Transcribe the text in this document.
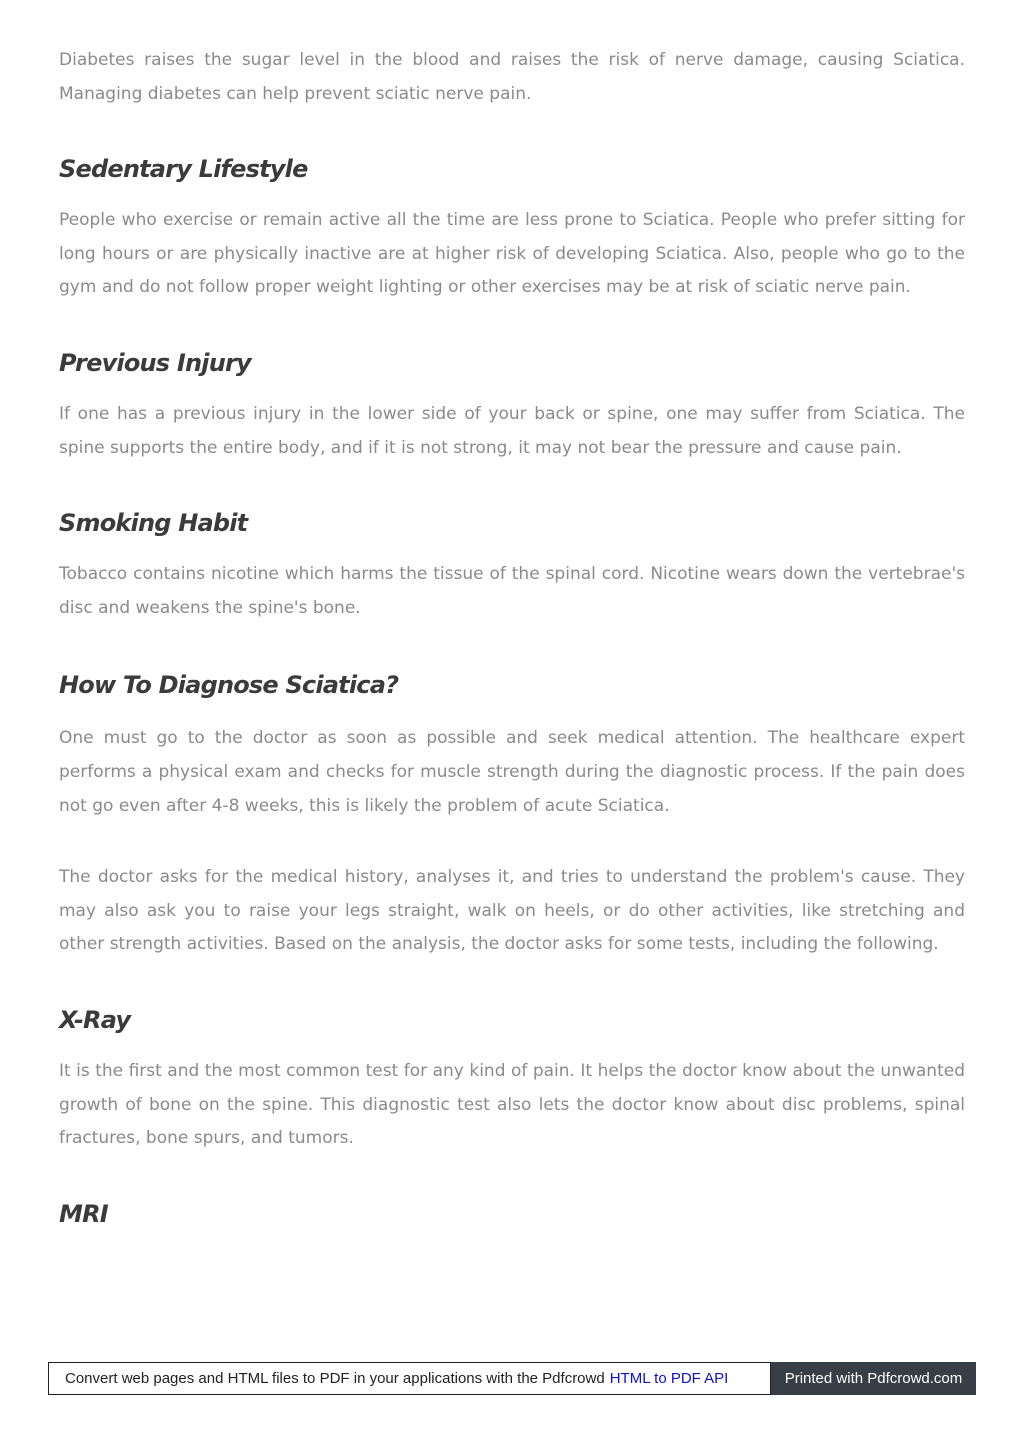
Diabetes raises the sugar level in the blood and raises the risk of nerve damage, causing Sciatica. Managing diabetes can help prevent sciatic nerve pain.

Sedentary Lifestyle

People who exercise or remain active all the time are less prone to Sciatica. People who prefer sitting for long hours or are physically inactive are at higher risk of developing Sciatica. Also, people who go to the gym and do not follow proper weight lighting or other exercises may be at risk of sciatic nerve pain.

Previous Injury

If one has a previous injury in the lower side of your back or spine, one may suffer from Sciatica. The spine supports the entire body, and if it is not strong, it may not bear the pressure and cause pain.

Smoking Habit

Tobacco contains nicotine which harms the tissue of the spinal cord. Nicotine wears down the vertebrae's disc and weakens the spine's bone.

How To Diagnose Sciatica?

One must go to the doctor as soon as possible and seek medical attention. The healthcare expert performs a physical exam and checks for muscle strength during the diagnostic process. If the pain does not go even after 4-8 weeks, this is likely the problem of acute Sciatica.

The doctor asks for the medical history, analyses it, and tries to understand the problem's cause. They may also ask you to raise your legs straight, walk on heels, or do other activities, like stretching and other strength activities. Based on the analysis, the doctor asks for some tests, including the following.

X-Ray

It is the first and the most common test for any kind of pain. It helps the doctor know about the unwanted growth of bone on the spine. This diagnostic test also lets the doctor know about disc problems, spinal fractures, bone spurs, and tumors.

MRI
Convert web pages and HTML files to PDF in your applications with the Pdfcrowd HTML to PDF API	Printed with Pdfcrowd.com
